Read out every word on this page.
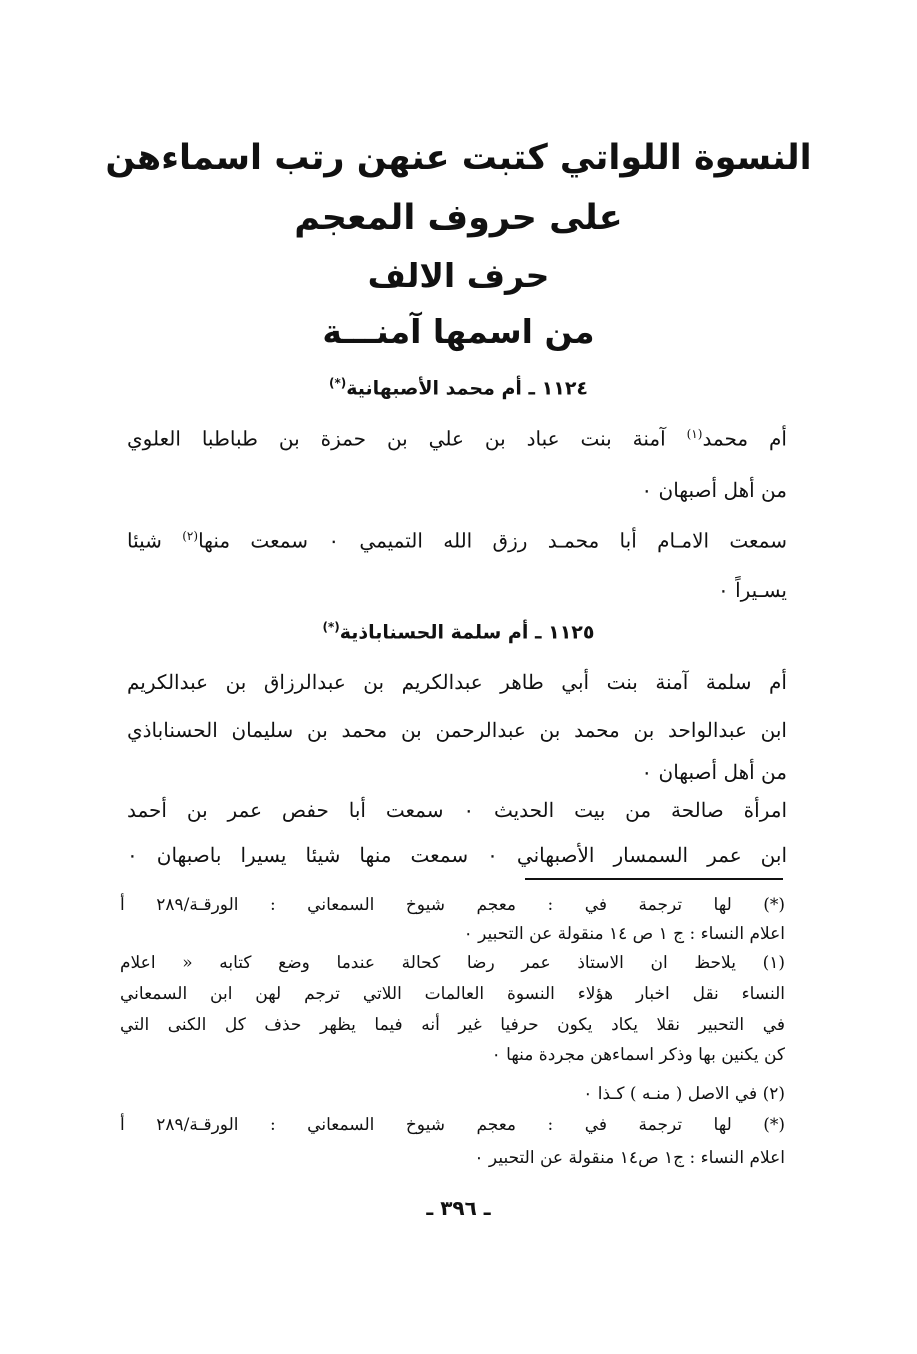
النسوة اللواتي كتبت عنهن رتب اسماءهن
على حروف المعجم
حرف الالف
من اسمها آمنـــة
١١٢٤ ـ أم محمد الأصبهانية(*)
أم محمد$^{(١)}$ آمنة بنت عباد بن علي بن حمزة بن طباطبا العلوي
من أهل أصبهان ٠
سمعت الامـام أبا محمـد رزق الله التميمي ٠ سمعت منها$^{(٢)}$ شيئا
يسـيراً ٠
١١٢٥ ـ أم سلمة الحسناباذية(*)
أم سلمة آمنة بنت أبي طاهر عبدالكريم بن عبدالرزاق بن عبدالكريم
ابن عبدالواحد بن محمد بن عبدالرحمن بن محمد بن سليمان الحسناباذي
من أهل أصبهان ٠
امرأة صالحة من بيت الحديث ٠ سمعت أبا حفص عمر بن أحمد
ابن عمر السمسار الأصبهاني ٠ سمعت منها شيئا يسيرا باصبهان ٠
(*) لها ترجمة في : معجم شيوخ السمعاني : الورقـة/٢٨٩ أ
اعلام النساء : ج ١ ص ١٤ منقولة عن التحبير ٠
(١) يلاحظ ان الاستاذ عمر رضا كحالة عندما وضع كتابه « اعلام
النساء نقل اخبار هؤلاء النسوة العالمات اللاتي ترجم لهن ابن السمعاني
في التحبير نقلا يكاد يكون حرفيا غير أنه فيما يظهر حذف كل الكنى التي
كن يكنين بها وذكر اسماءهن مجردة منها ٠
(٢) في الاصل ( منـه ) كـذا ٠
(*) لها ترجمة في : معجم شيوخ السمعاني : الورقـة/٢٨٩ أ
اعلام النساء : ج١ ص١٤ منقولة عن التحبير ٠
ـ ٣٩٦ ـ
